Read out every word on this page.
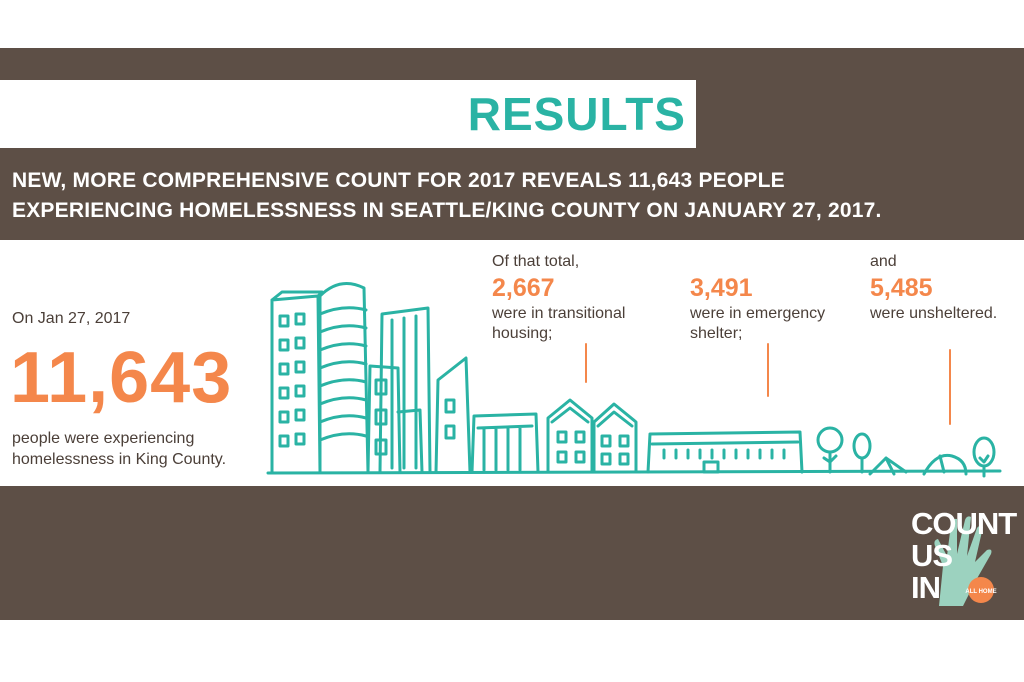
RESULTS
NEW, MORE COMPREHENSIVE COUNT FOR 2017 REVEALS 11,643 PEOPLE
EXPERIENCING HOMELESSNESS IN SEATTLE/KING COUNTY ON JANUARY 27, 2017.
On Jan 27, 2017
11,643
people were experiencing
homelessness in King County.
Of that total,
2,667
were in transitional
housing;
3,491
were in emergency
shelter;
and
5,485
were unsheltered.
ALL HOME
COUNT
US
IN
